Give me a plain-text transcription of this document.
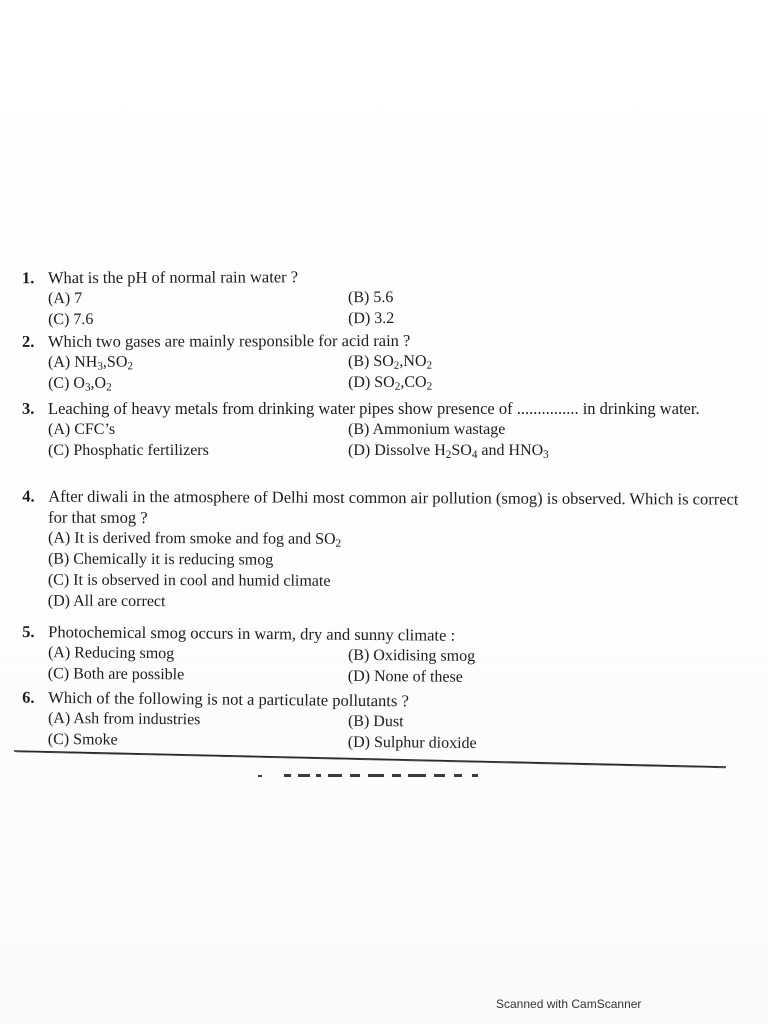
1. What is the pH of normal rain water ?
(A) 7	(B) 5.6
(C) 7.6	(D) 3.2
2. Which two gases are mainly responsible for acid rain ?
(A) $NH_3,SO_2$	(B) $SO_2,NO_2$
(C) $O_3,O_2$	(D) $SO_2,CO_2$
3. Leaching of heavy metals from drinking water pipes show presence of ............... in drinking water.
(A) CFC’s	(B) Ammonium wastage
(C) Phosphatic fertilizers	(D) Dissolve $H_2SO_4$ and $HNO_3$
4. After diwali in the atmosphere of Delhi most common air pollution (smog) is observed. Which is correct for that smog ?
(A) It is derived from smoke and fog and $SO_2$
(B) Chemically it is reducing smog
(C) It is observed in cool and humid climate
(D) All are correct
5. Photochemical smog occurs in warm, dry and sunny climate :
(A) Reducing smog	(B) Oxidising smog
(C) Both are possible	(D) None of these
6. Which of the following is not a particulate pollutants ?
(A) Ash from industries	(B) Dust
(C) Smoke	(D) Sulphur dioxide
Scanned with CamScanner
